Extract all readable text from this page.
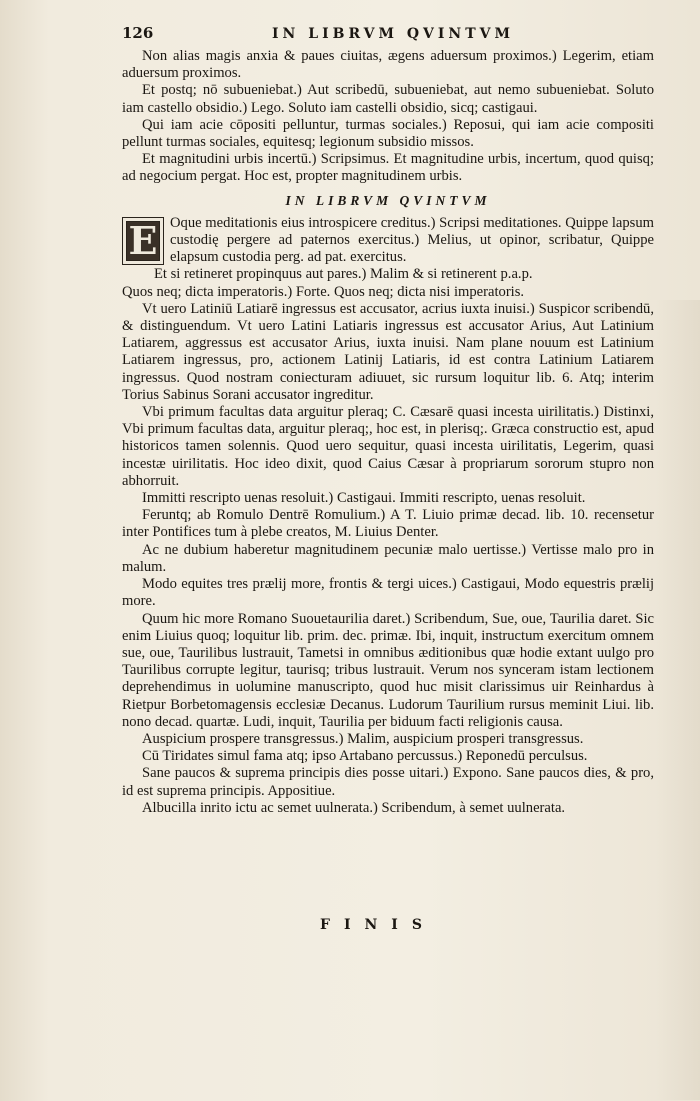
126	IN LIBRVM QVINTVM

Non alias magis anxia & paues ciuitas, ægens aduersum proximos.) Legerim, etiam aduersum proximos.

Et postq; nō subueniebat.) Aut scribedū, subueniebat, aut nemo subueniebat. Soluto iam castello obsidio.) Lego. Soluto iam castelli obsidio, sicq; castigaui.

Qui iam acie cōpositi pelluntur, turmas sociales.) Reposui, qui iam acie compositi pellunt turmas sociales, equitesq; legionum subsidio missos.

Et magnitudini urbis incertū.) Scripsimus. Et magnitudine urbis, incertum, quod quisq; ad negocium pergat. Hoc est, propter magnitudinem urbis.

IN LIBRVM QVINTVM
E Oque meditationis eius introspicere creditus.) Scripsi meditationes. Quippe lapsum custodię pergere ad paternos exercitus.) Melius, ut opinor, scribatur, Quippe elapsum custodia perg. ad pat. exercitus.

Et si retineret propinquus aut pares.) Malim & si retinerent p.a.p.

Quos neq; dicta imperatoris.) Forte. Quos neq; dicta nisi imperatoris.

Vt uero Latiniū Latiarē ingressus est accusator, acrius iuxta inuisi.) Suspicor scribendū, & distinguendum. Vt uero Latini Latiaris ingressus est accusator Arius, Aut Latinium Latiarem, aggressus est accusator Arius, iuxta inuisi. Nam plane nouum est Latinium Latiarem ingressus, pro, actionem Latinij Latiaris, id est contra Latinium Latiarem ingressus. Quod nostram coniecturam adiuuet, sic rursum loquitur lib. 6. Atq; interim Torius Sabinus Sorani accusator ingreditur.

Vbi primum facultas data arguitur pleraq; C. Cæsarē quasi incesta uirilitatis.) Distinxi, Vbi primum facultas data, arguitur pleraq;, hoc est, in plerisq;. Græca constructio est, apud historicos tamen solennis. Quod uero sequitur, quasi incesta uirilitatis, Legerim, quasi incestæ uirilitatis. Hoc ideo dixit, quod Caius Cæsar à propriarum sororum stupro non abhorruit.

Immitti rescripto uenas resoluit.) Castigaui. Immiti rescripto, uenas resoluit.

Feruntq; ab Romulo Dentrē Romulium.) A T. Liuio primæ decad. lib. 10. recensetur inter Pontifices tum à plebe creatos, M. Liuius Denter.

Ac ne dubium haberetur magnitudinem pecuniæ malo uertisse.) Vertisse malo pro in malum.

Modo equites tres prælij more, frontis & tergi uices.) Castigaui, Modo equestris prælij more.

Quum hic more Romano Suouetaurilia daret.) Scribendum, Sue, oue, Taurilia daret. Sic enim Liuius quoq; loquitur lib. prim. dec. primæ. Ibi, inquit, instructum exercitum omnem sue, oue, Taurilibus lustrauit, Tametsi in omnibus æditionibus quæ hodie extant uulgo pro Taurilibus corrupte legitur, taurisq; tribus lustrauit. Verum nos synceram istam lectionem deprehendimus in uolumine manuscripto, quod huc misit clarissimus uir Reinhardus à Rietpur Borbetomagensis ecclesiæ Decanus. Ludorum Taurilium rursus meminit Liui. lib. nono decad. quartæ. Ludi, inquit, Taurilia per biduum facti religionis causa.

Auspicium prospere transgressus.) Malim, auspicium prosperi transgressus.

Cū Tiridates simul fama atq; ipso Artabano percussus.) Reponedū perculsus.

Sane paucos & suprema principis dies posse uitari.) Expono. Sane paucos dies, & pro, id est suprema principis. Appositiue.

Albucilla inrito ictu ac semet uulnerata.) Scribendum, à semet uulnerata.

FINIS
